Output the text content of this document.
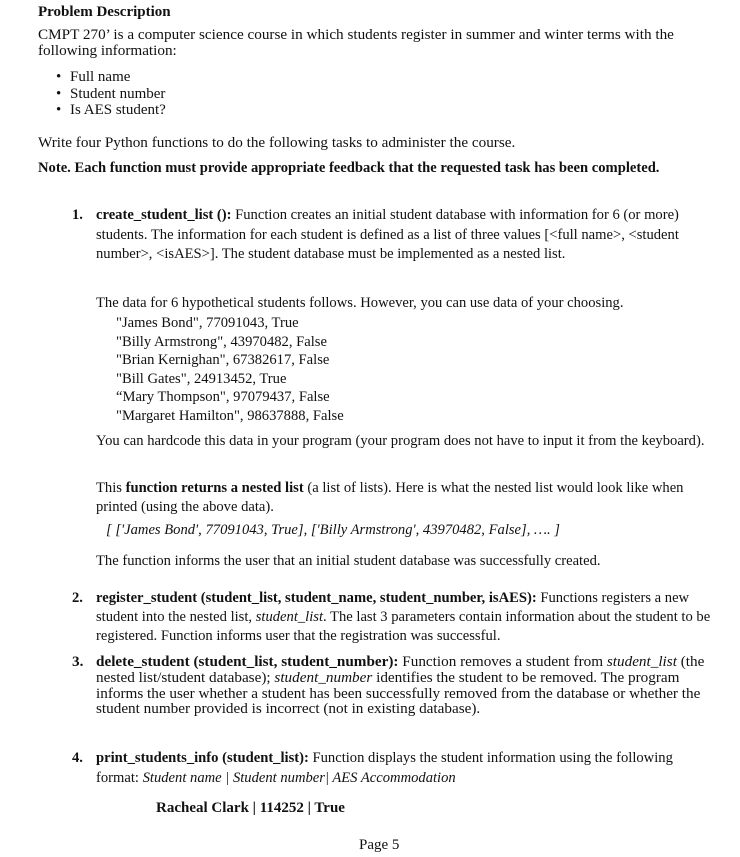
Problem Description
CMPT 270’ is a computer science course in which students register in summer and winter terms with the following information:
• Full name
• Student number
• Is AES student?
Write four Python functions to do the following tasks to administer the course.
Note. Each function must provide appropriate feedback that the requested task has been completed.
1. create_student_list (): Function creates an initial student database with information for 6 (or more) students. The information for each student is defined as a list of three values [<full name>, <student number>, <isAES>]. The student database must be implemented as a nested list.
The data for 6 hypothetical students follows. However, you can use data of your choosing.
"James Bond", 77091043, True
"Billy Armstrong", 43970482, False
"Brian Kernighan", 67382617, False
"Bill Gates", 24913452, True
“Mary Thompson", 97079437, False
"Margaret Hamilton", 98637888, False
You can hardcode this data in your program (your program does not have to input it from the keyboard).
This function returns a nested list (a list of lists). Here is what the nested list would look like when printed (using the above data).
[ ['James Bond', 77091043, True], ['Billy Armstrong', 43970482, False], …. ]
The function informs the user that an initial student database was successfully created.
2. register_student (student_list, student_name, student_number, isAES): Functions registers a new student into the nested list, student_list. The last 3 parameters contain information about the student to be registered. Function informs user that the registration was successful.
3. delete_student (student_list, student_number): Function removes a student from student_list (the nested list/student database); student_number identifies the student to be removed. The program informs the user whether a student has been successfully removed from the database or whether the student number provided is incorrect (not in existing database).
4. print_students_info (student_list): Function displays the student information using the following format: Student name | Student number| AES Accommodation
Racheal Clark | 114252 | True
Page 5
